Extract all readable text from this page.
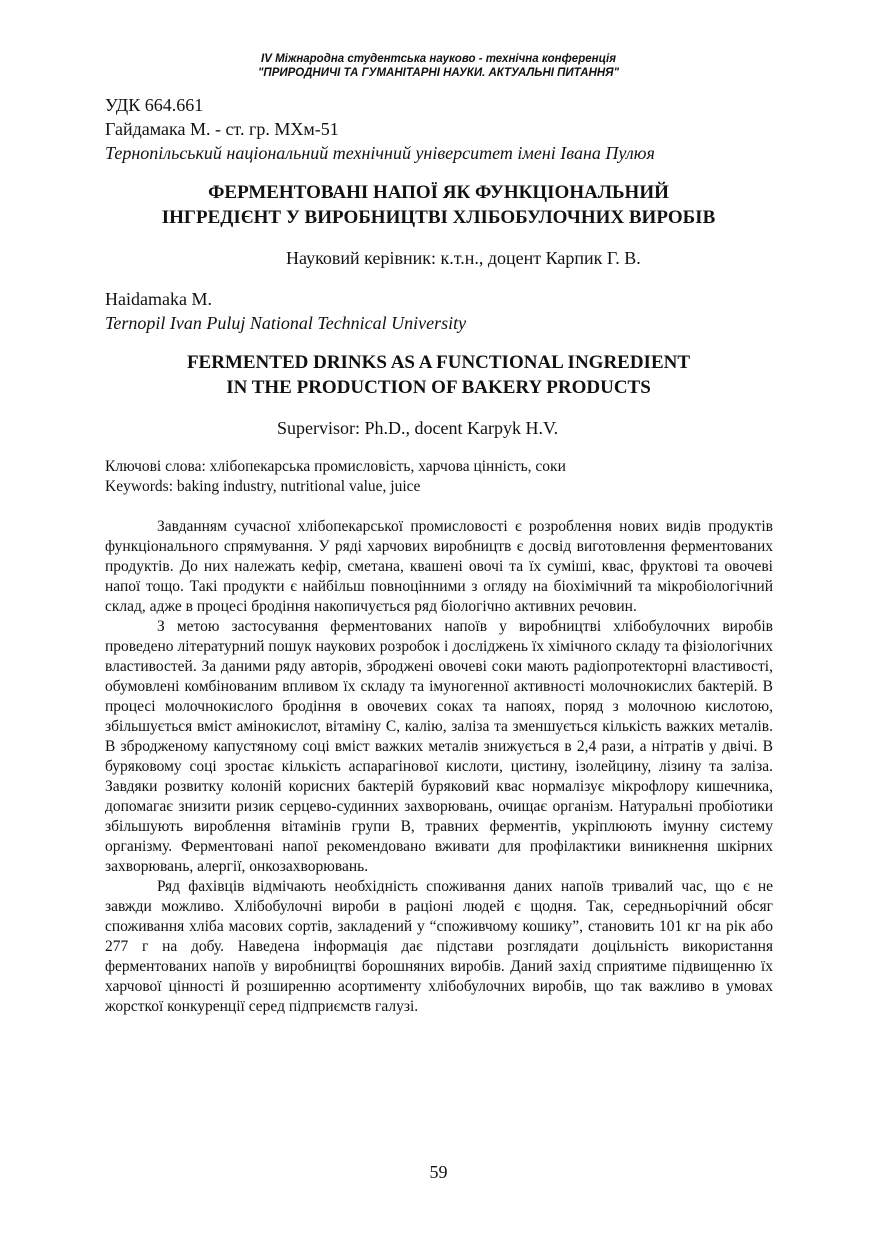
IV Міжнародна студентська науково - технічна конференція
"ПРИРОДНИЧІ ТА ГУМАНІТАРНІ НАУКИ. АКТУАЛЬНІ ПИТАННЯ"
УДК 664.661
Гайдамака М. - ст. гр. МХм-51
Тернопільський національний технічний університет імені Івана Пулюя
ФЕРМЕНТОВАНІ НАПОЇ ЯК ФУНКЦІОНАЛЬНИЙ
ІНГРЕДІЄНТ У ВИРОБНИЦТВІ ХЛІБОБУЛОЧНИХ ВИРОБІВ
Науковий керівник: к.т.н., доцент Карпик Г. В.
Haidamaka M.
Ternopil Ivan Puluj National Technical University
FERMENTED DRINKS AS A FUNCTIONAL INGREDIENT
IN THE PRODUCTION OF BAKERY PRODUCTS
Supervisor: Ph.D., docent Karpyk H.V.
Ключові слова: хлібопекарська промисловість, харчова цінність, соки
Keywords: baking industry, nutritional value, juice

Завданням сучасної хлібопекарської промисловості є розроблення нових видів продуктів функціонального спрямування. У ряді харчових виробництв є досвід виготовлення ферментованих продуктів. До них належать кефір, сметана, квашені овочі та їх суміші, квас, фруктові та овочеві напої тощо. Такі продукти є найбільш повноцінними з огляду на біохімічний та мікробіологічний склад, адже в процесі бродіння накопичується ряд біологічно активних речовин.

З метою застосування ферментованих напоїв у виробництві хлібобулочних виробів проведено літературний пошук наукових розробок і досліджень їх хімічного складу та фізіологічних властивостей. За даними ряду авторів, зброджені овочеві соки мають радіопротекторні властивості, обумовлені комбінованим впливом їх складу та імуногенної активності молочнокислих бактерій. В процесі молочнокислого бродіння в овочевих соках та напоях, поряд з молочною кислотою, збільшується вміст амінокислот, вітаміну С, калію, заліза та зменшується кількість важких металів. В збродженому капустяному соці вміст важких металів знижується в 2,4 рази, а нітратів у двічі. В буряковому соці зростає кількість аспарагінової кислоти, цистину, ізолейцину, лізину та заліза. Завдяки розвитку колоній корисних бактерій буряковий квас нормалізує мікрофлору кишечника, допомагає знизити ризик серцево-судинних захворювань, очищає організм. Натуральні пробіотики збільшують вироблення вітамінів групи В, травних ферментів, укріплюють імунну систему організму. Ферментовані напої рекомендовано вживати для профілактики виникнення шкірних захворювань, алергії, онкозахворювань.

Ряд фахівців відмічають необхідність споживання даних напоїв тривалий час, що є не завжди можливо. Хлібобулочні вироби в раціоні людей є щодня. Так, середньорічний обсяг споживання хліба масових сортів, закладений у “споживчому кошику”, становить 101 кг на рік або 277 г на добу. Наведена інформація дає підстави розглядати доцільність використання ферментованих напоїв у виробництві борошняних виробів. Даний захід сприятиме підвищенню їх харчової цінності й розширенню асортименту хлібобулочних виробів, що так важливо в умовах жорсткої конкуренції серед підприємств галузі.

59
